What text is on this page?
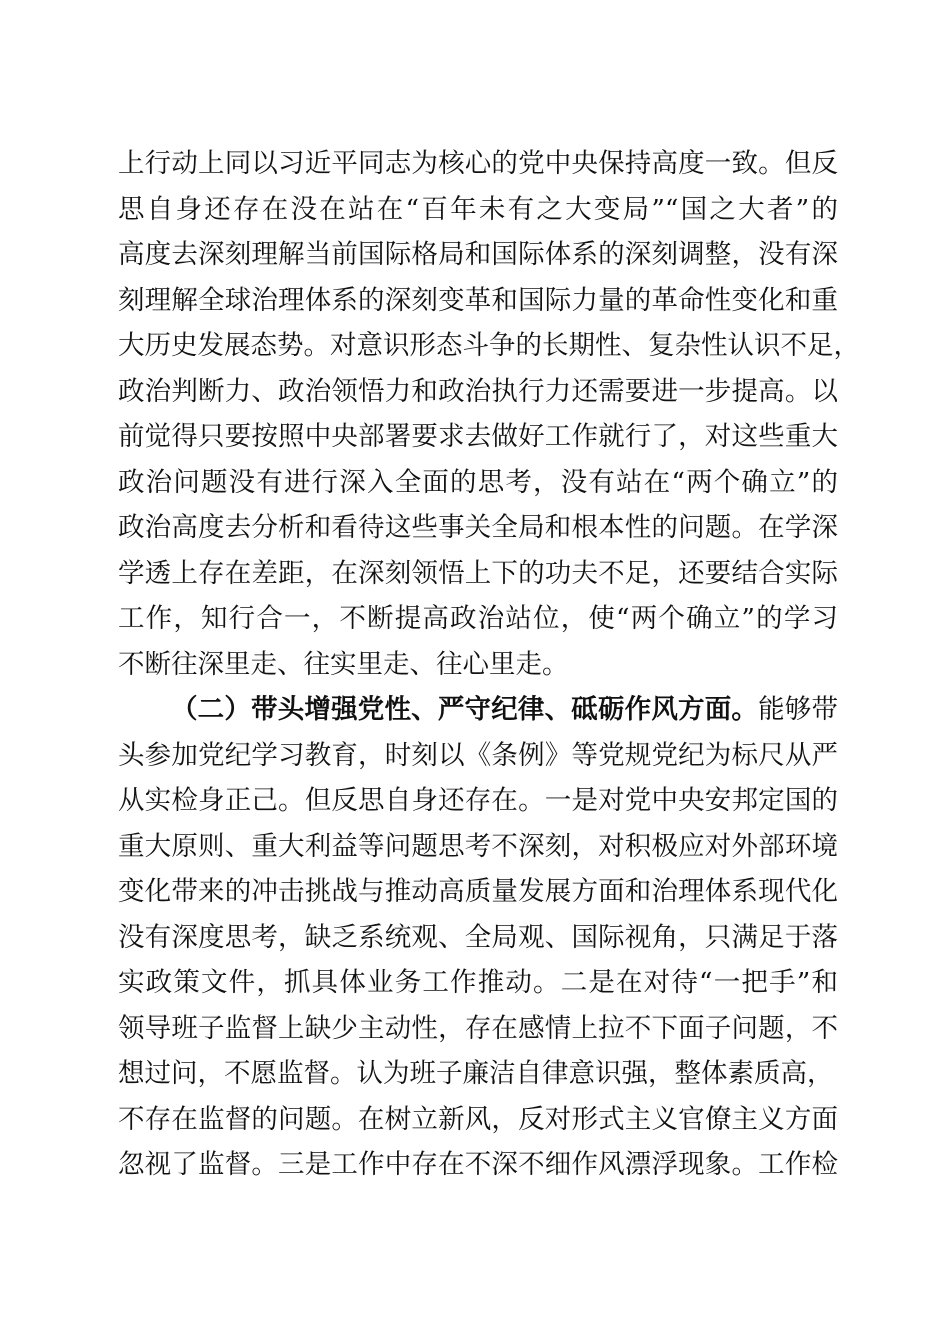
上行动上同以习近平同志为核心的党中央保持高度一致。但反
思自身还存在没在站在“百年未有之大变局”“国之大者”的
高度去深刻理解当前国际格局和国际体系的深刻调整，没有深
刻理解全球治理体系的深刻变革和国际力量的革命性变化和重
大历史发展态势。对意识形态斗争的长期性、复杂性认识不足，
政治判断力、政治领悟力和政治执行力还需要进一步提高。以
前觉得只要按照中央部署要求去做好工作就行了，对这些重大
政治问题没有进行深入全面的思考，没有站在“两个确立”的
政治高度去分析和看待这些事关全局和根本性的问题。在学深
学透上存在差距，在深刻领悟上下的功夫不足，还要结合实际
工作，知行合一，不断提高政治站位，使“两个确立”的学习
不断往深里走、往实里走、往心里走。
（二）带头增强党性、严守纪律、砥砺作风方面。能够带
头参加党纪学习教育，时刻以《条例》等党规党纪为标尺从严
从实检身正己。但反思自身还存在。一是对党中央安邦定国的
重大原则、重大利益等问题思考不深刻，对积极应对外部环境
变化带来的冲击挑战与推动高质量发展方面和治理体系现代化
没有深度思考，缺乏系统观、全局观、国际视角，只满足于落
实政策文件，抓具体业务工作推动。二是在对待“一把手”和
领导班子监督上缺少主动性，存在感情上拉不下面子问题，不
想过问，不愿监督。认为班子廉洁自律意识强，整体素质高，
不存在监督的问题。在树立新风，反对形式主义官僚主义方面
忽视了监督。三是工作中存在不深不细作风漂浮现象。工作检
